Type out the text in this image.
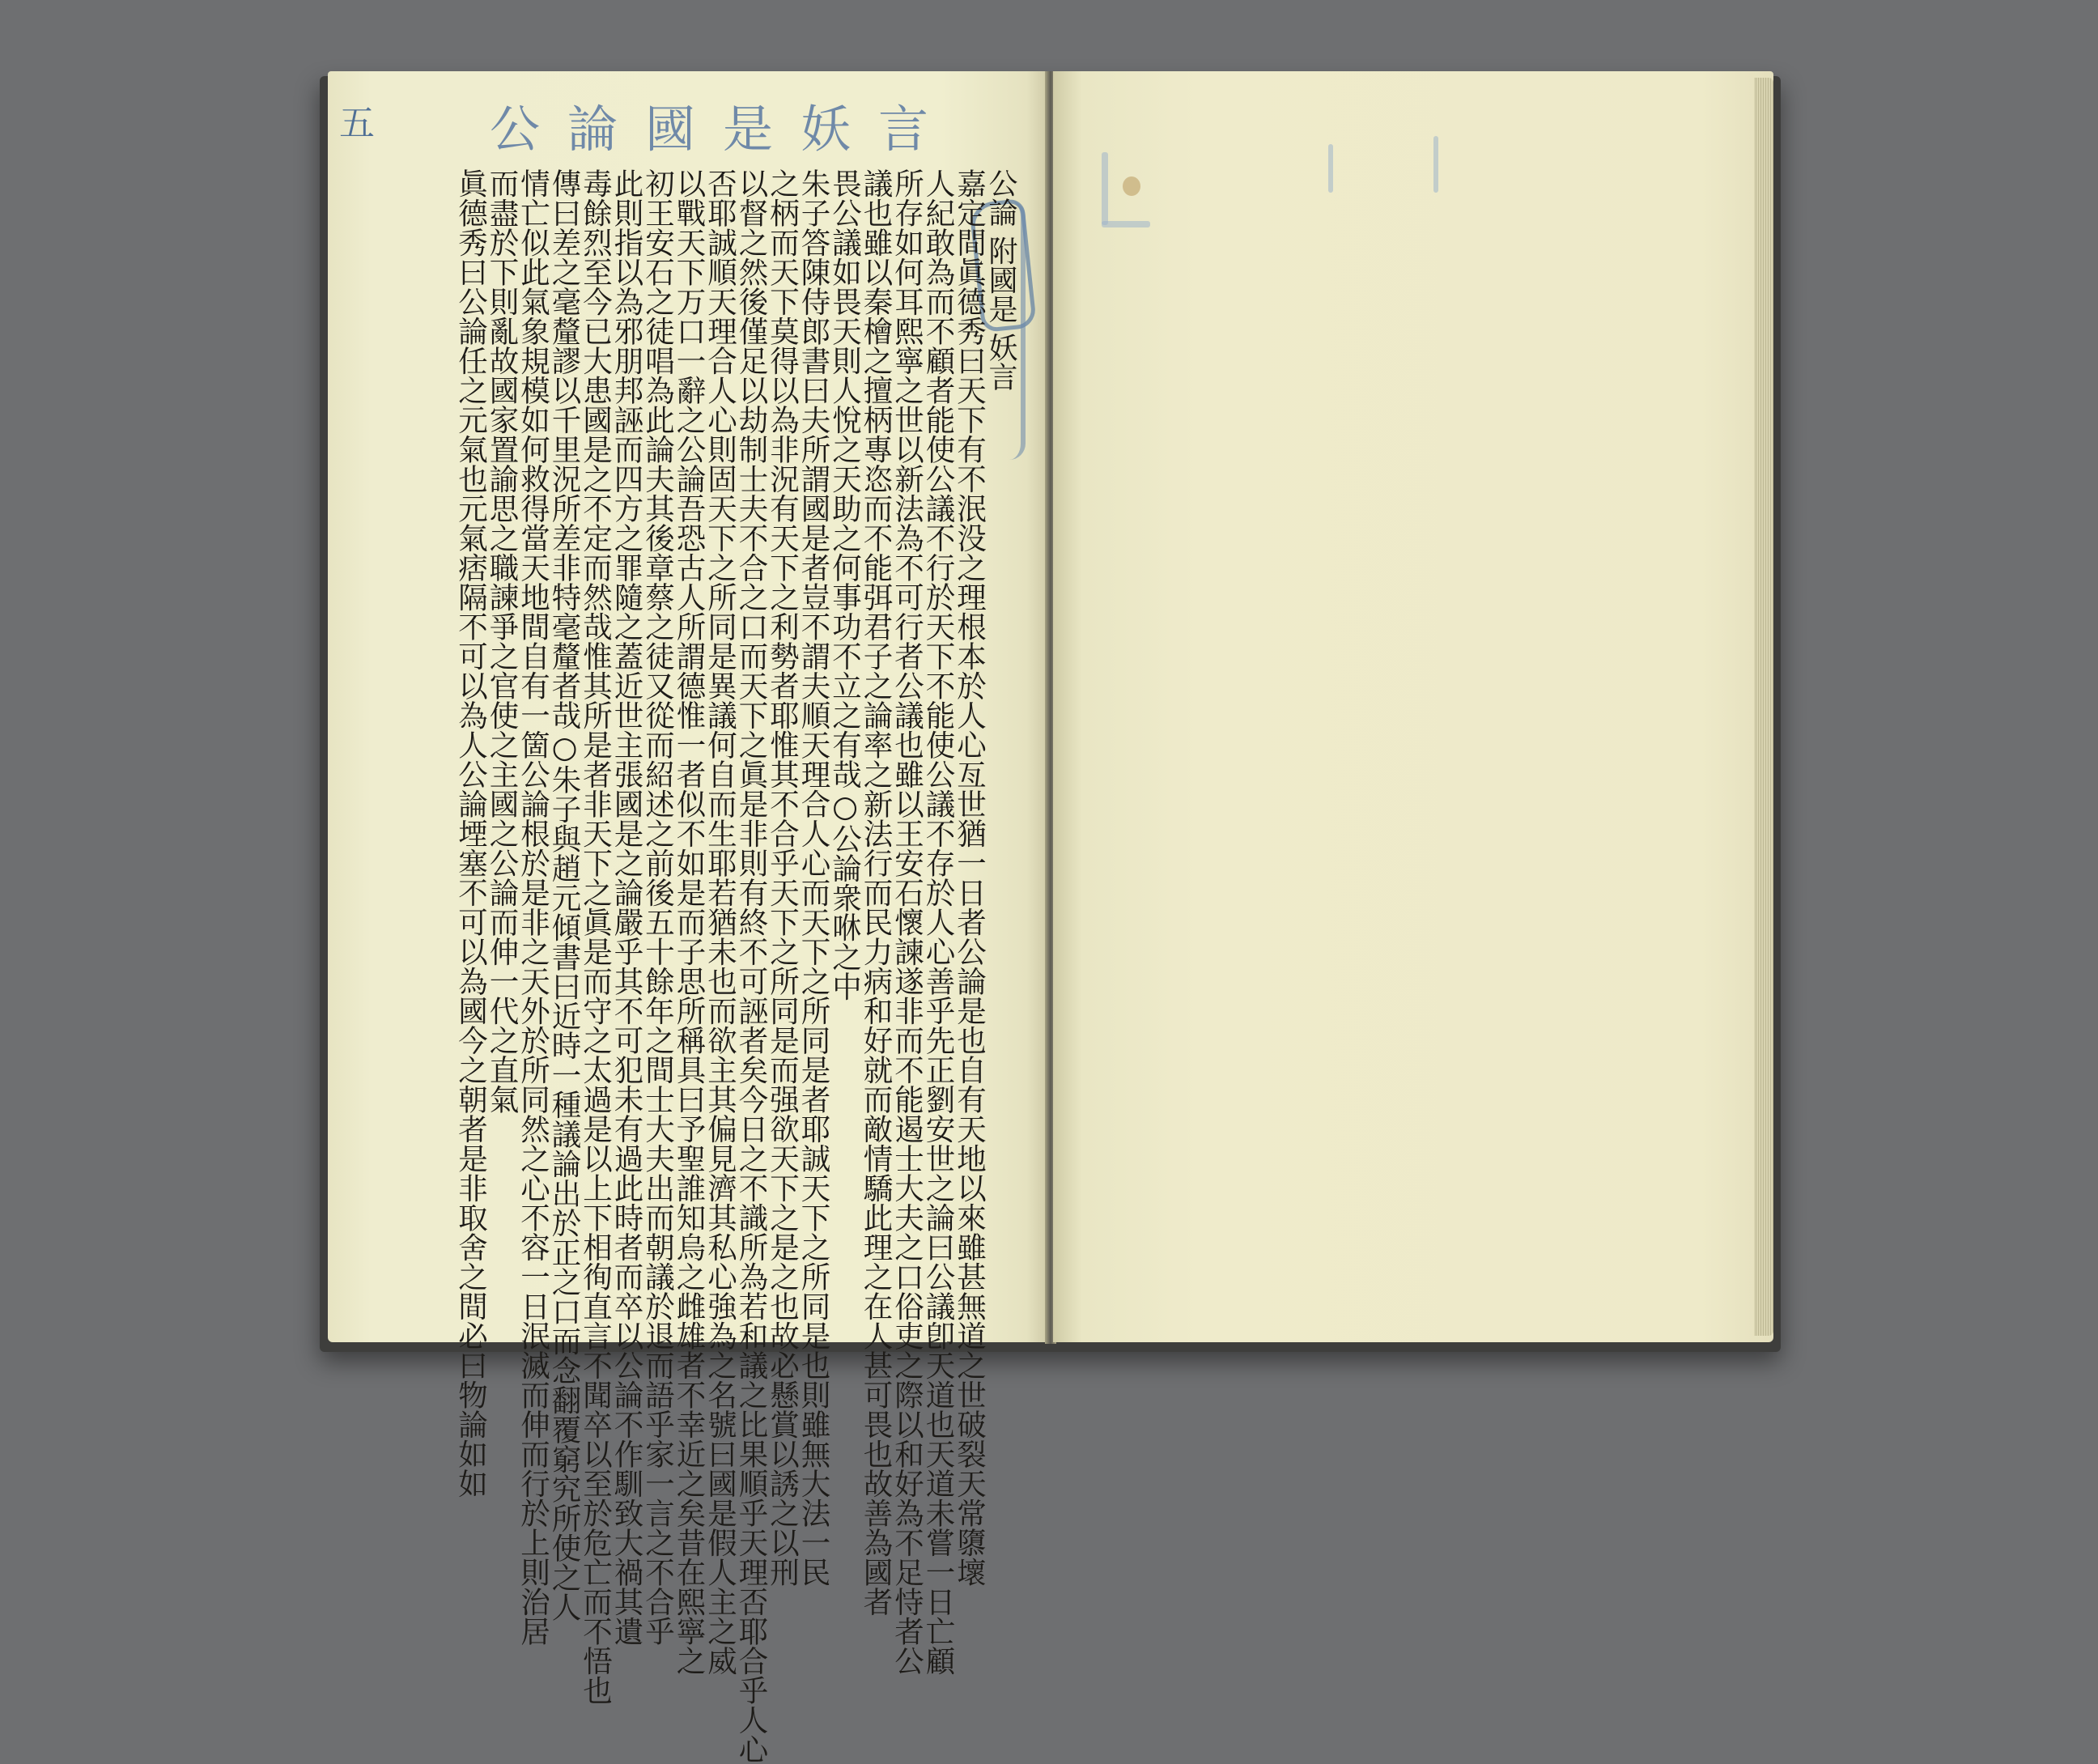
公論國是妖言
五
公論 附國是 妖言
嘉定間眞德秀曰天下有不泯没之理根本於人心亙世猶一日者公論是也自有天地以來雖甚無道之世破裂天常隳壞
人紀敢為而不顧者能使公議不行於天下不能使公議不存於人心善乎先正劉安世之論曰公議卽天道也天道未嘗一日亡顧
所存如何耳熙寧之世以新法為不可行者公議也雖以王安石懷諫遂非而不能遏士大夫之口俗吏之際以和好為不足恃者公
議也雖以秦檜之擅柄專恣而不能弭君子之論率之新法行而民力病和好就而敵情驕此理之在人甚可畏也故善為國者
畏公議如畏天則人悅之天助之何事功不立之有哉○公論衆咻之中
朱子答陳侍郎書曰夫所謂國是者豈不謂夫順天理合人心而天下之所同是者耶誠天下之所同是也則雖無大法一民
之柄而天下莫得以為非況有天下之利勢者耶惟其不合乎天下之所同是而强欲天下之是之也故必懸賞以誘之以刑
以督之然後僅足以劫制士夫不合之口而天下之眞是非則有終不可誣者矣今日之不識所為若和議之比果順乎天理否耶合乎人心
否耶誠順天理合人心則固天下之所同是異議何自而生耶若猶未也而欲主其偏見濟其私心強為之名號曰國是假人主之威
以戰天下万口一辭之公論吾恐古人所謂德惟一者似不如是而子思所稱具曰予聖誰知烏之雌雄者不幸近之矣昔在熙寧之
初王安石之徒唱為此論夫其後章蔡之徒又從而紹述之前後五十餘年之間士大夫出而朝議於退而語乎家一言之不合乎
此則指以為邪朋邦誣而四方之罪隨之蓋近世主張國是之論嚴乎其不可犯未有過此時者而卒以公論不作馴致大禍其遺
毒餘烈至今已大患國是之不定而然哉惟其所是者非天下之眞是而守之太過是以上下相徇直言不聞卒以至於危亡而不悟也
傳曰差之毫釐謬以千里況所差非特毫釐者哉○朱子與趙元傾書曰近時一種議論出於正之口而念翻覆窮究所使之人
情亡似此氣象規模如何救得當天地間自有一箇公論根於是非之天外於所同然之心不容一日泯滅而伸而行於上則治居
而盡於下則亂故國家置諭思之職諫爭之官使之主國之公論而伸一代之直氣
眞德秀曰公論任之元氣也元氣痞隔不可以為人公論堙塞不可以為國今之朝者是非取舍之間必曰物論如如
